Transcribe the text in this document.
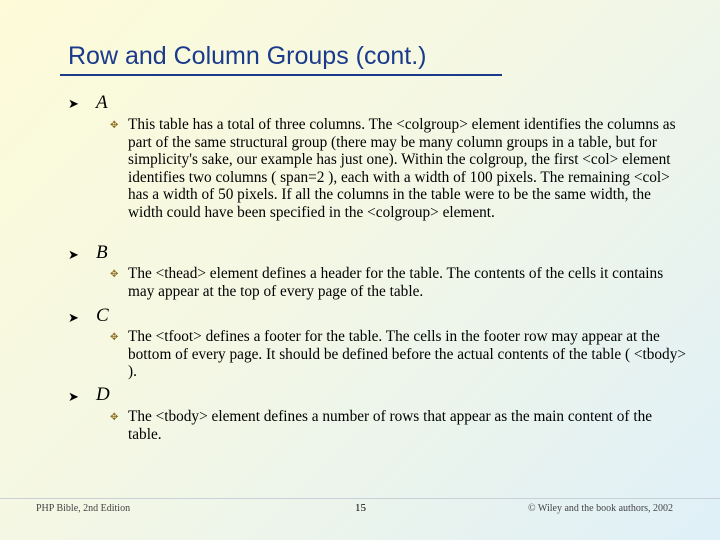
Row and Column Groups (cont.)
➤ A
✥ This table has a total of three columns. The <colgroup> element identifies the columns as part of the same structural group (there may be many column groups in a table, but for simplicity's sake, our example has just one). Within the colgroup, the first <col> element identifies two columns ( span=2 ), each with a width of 100 pixels. The remaining <col> has a width of 50 pixels. If all the columns in the table were to be the same width, the width could have been specified in the <colgroup> element.
➤ B
✥ The <thead> element defines a header for the table. The contents of the cells it contains may appear at the top of every page of the table.
➤ C
✥ The <tfoot> defines a footer for the table. The cells in the footer row may appear at the bottom of every page. It should be defined before the actual contents of the table ( <tbody> ).
➤ D
✥ The <tbody> element defines a number of rows that appear as the main content of the table.
PHP Bible, 2nd Edition	15	© Wiley and the book authors, 2002
